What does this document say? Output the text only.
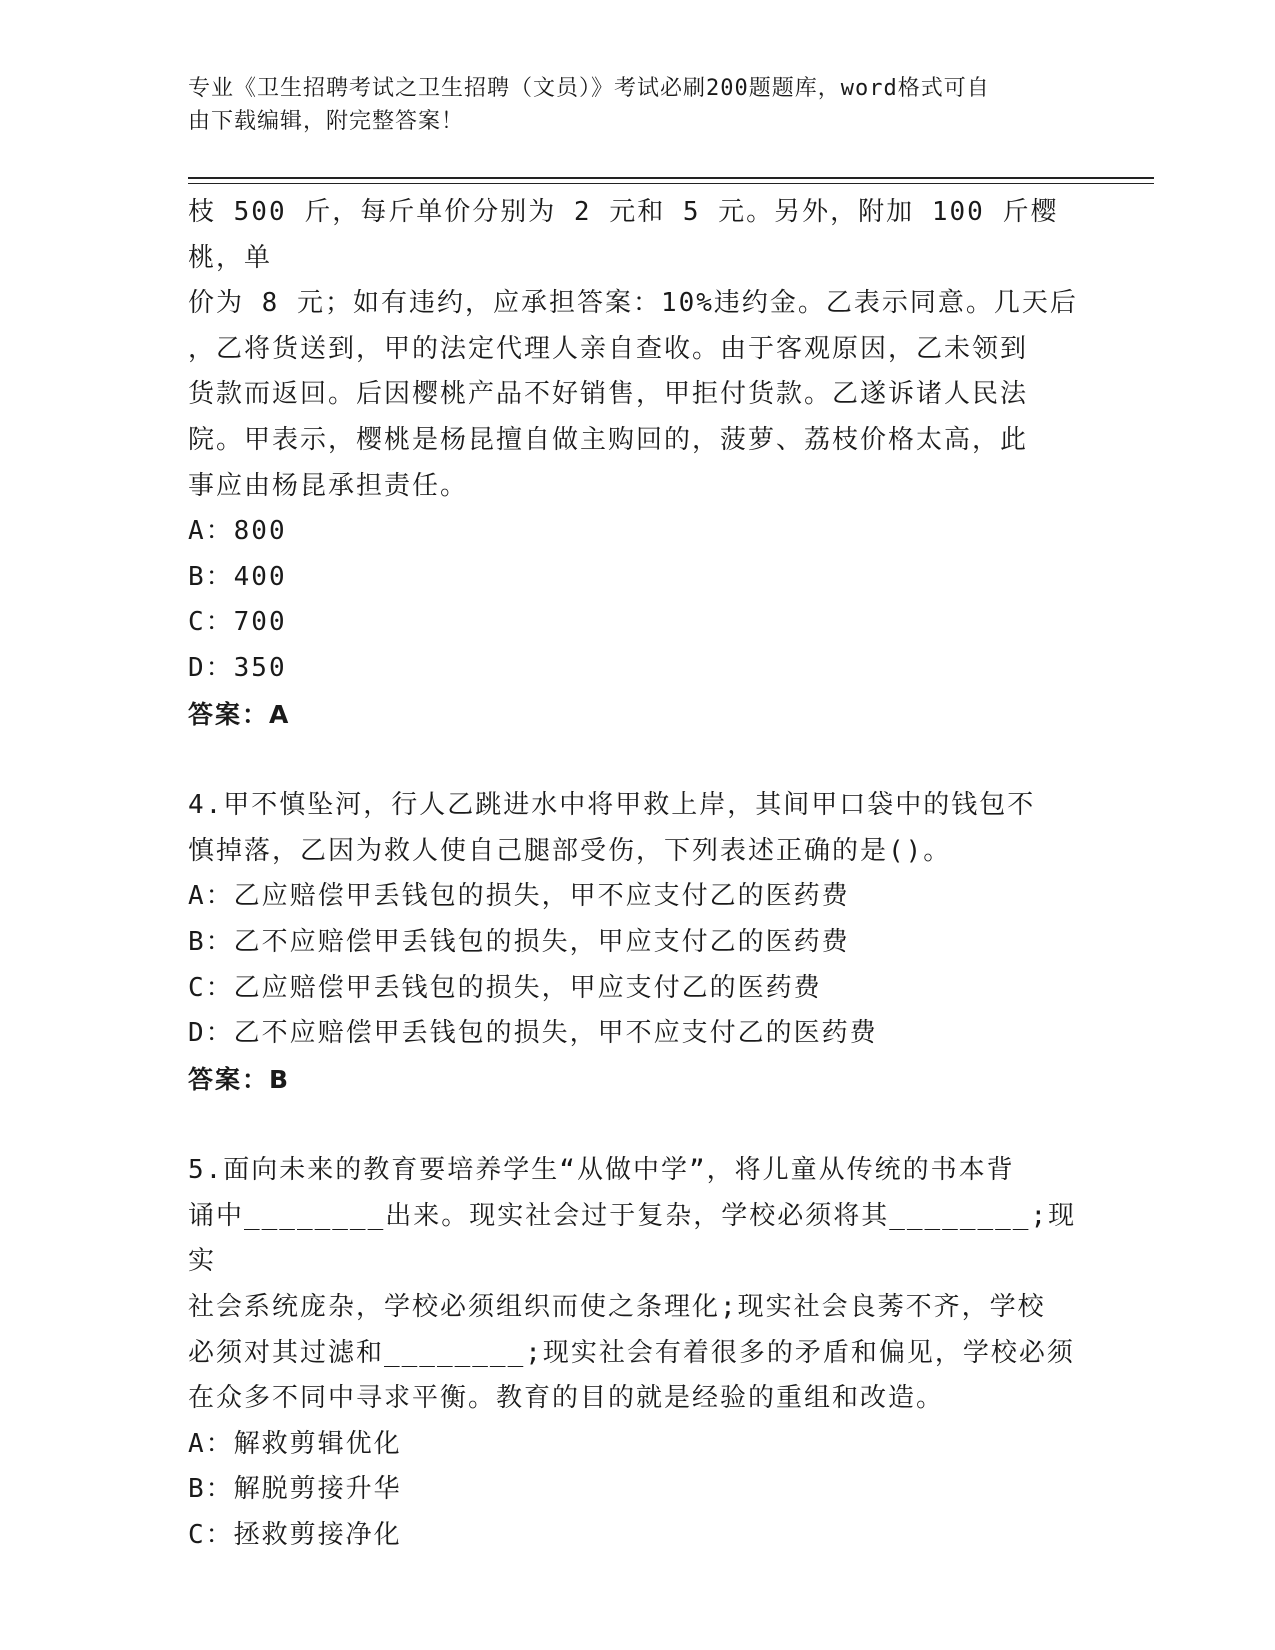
专业《卫生招聘考试之卫生招聘（文员）》考试必刷200题题库，word格式可自
由下载编辑，附完整答案！

枝 500 斤，每斤单价分别为 2 元和 5 元。另外，附加 100 斤樱桃，单

价为 8 元；如有违约，应承担答案：10%违约金。乙表示同意。几天后

，乙将货送到，甲的法定代理人亲自查收。由于客观原因，乙未领到

货款而返回。后因樱桃产品不好销售，甲拒付货款。乙遂诉诸人民法

院。甲表示，樱桃是杨昆擅自做主购回的，菠萝、荔枝价格太高，此

事应由杨昆承担责任。

A：800

B：400

C：700

D：350

答案：A

4.甲不慎坠河，行人乙跳进水中将甲救上岸，其间甲口袋中的钱包不

慎掉落，乙因为救人使自己腿部受伤，下列表述正确的是()。

A：乙应赔偿甲丢钱包的损失，甲不应支付乙的医药费

B：乙不应赔偿甲丢钱包的损失，甲应支付乙的医药费

C：乙应赔偿甲丢钱包的损失，甲应支付乙的医药费

D：乙不应赔偿甲丢钱包的损失，甲不应支付乙的医药费

答案：B

5.面向未来的教育要培养学生“从做中学”，将儿童从传统的书本背

诵中________出来。现实社会过于复杂，学校必须将其________;现实

社会系统庞杂，学校必须组织而使之条理化;现实社会良莠不齐，学校

必须对其过滤和________;现实社会有着很多的矛盾和偏见，学校必须

在众多不同中寻求平衡。教育的目的就是经验的重组和改造。

A：解救剪辑优化

B：解脱剪接升华

C：拯救剪接净化
